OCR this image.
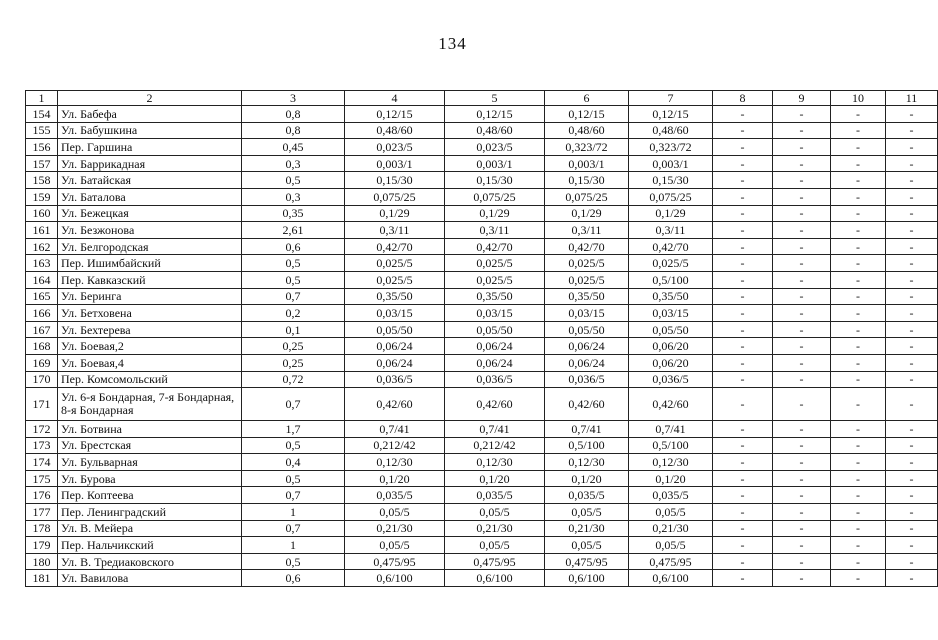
134
1	2	3	4	5	6	7	8	9	10	11
154	Ул. Бабефа	0,8	0,12/15	0,12/15	0,12/15	0,12/15	-	-	-	-
155	Ул. Бабушкина	0,8	0,48/60	0,48/60	0,48/60	0,48/60	-	-	-	-
156	Пер. Гаршина	0,45	0,023/5	0,023/5	0,323/72	0,323/72	-	-	-	-
157	Ул. Баррикадная	0,3	0,003/1	0,003/1	0,003/1	0,003/1	-	-	-	-
158	Ул. Батайская	0,5	0,15/30	0,15/30	0,15/30	0,15/30	-	-	-	-
159	Ул. Баталова	0,3	0,075/25	0,075/25	0,075/25	0,075/25	-	-	-	-
160	Ул. Бежецкая	0,35	0,1/29	0,1/29	0,1/29	0,1/29	-	-	-	-
161	Ул. Безжонова	2,61	0,3/11	0,3/11	0,3/11	0,3/11	-	-	-	-
162	Ул. Белгородская	0,6	0,42/70	0,42/70	0,42/70	0,42/70	-	-	-	-
163	Пер. Ишимбайский	0,5	0,025/5	0,025/5	0,025/5	0,025/5	-	-	-	-
164	Пер. Кавказский	0,5	0,025/5	0,025/5	0,025/5	0,5/100	-	-	-	-
165	Ул. Беринга	0,7	0,35/50	0,35/50	0,35/50	0,35/50	-	-	-	-
166	Ул. Бетховена	0,2	0,03/15	0,03/15	0,03/15	0,03/15	-	-	-	-
167	Ул. Бехтерева	0,1	0,05/50	0,05/50	0,05/50	0,05/50	-	-	-	-
168	Ул. Боевая,2	0,25	0,06/24	0,06/24	0,06/24	0,06/20	-	-	-	-
169	Ул. Боевая,4	0,25	0,06/24	0,06/24	0,06/24	0,06/20	-	-	-	-
170	Пер. Комсомольский	0,72	0,036/5	0,036/5	0,036/5	0,036/5	-	-	-	-
171	Ул. 6-я Бондарная, 7-я Бондарная, 8-я Бондарная	0,7	0,42/60	0,42/60	0,42/60	0,42/60	-	-	-	-
172	Ул. Ботвина	1,7	0,7/41	0,7/41	0,7/41	0,7/41	-	-	-	-
173	Ул. Брестская	0,5	0,212/42	0,212/42	0,5/100	0,5/100	-	-	-	-
174	Ул. Бульварная	0,4	0,12/30	0,12/30	0,12/30	0,12/30	-	-	-	-
175	Ул. Бурова	0,5	0,1/20	0,1/20	0,1/20	0,1/20	-	-	-	-
176	Пер. Коптеева	0,7	0,035/5	0,035/5	0,035/5	0,035/5	-	-	-	-
177	Пер. Ленинградский	1	0,05/5	0,05/5	0,05/5	0,05/5	-	-	-	-
178	Ул. В. Мейера	0,7	0,21/30	0,21/30	0,21/30	0,21/30	-	-	-	-
179	Пер. Нальчикский	1	0,05/5	0,05/5	0,05/5	0,05/5	-	-	-	-
180	Ул. В. Тредиаковского	0,5	0,475/95	0,475/95	0,475/95	0,475/95	-	-	-	-
181	Ул. Вавилова	0,6	0,6/100	0,6/100	0,6/100	0,6/100	-	-	-	-
